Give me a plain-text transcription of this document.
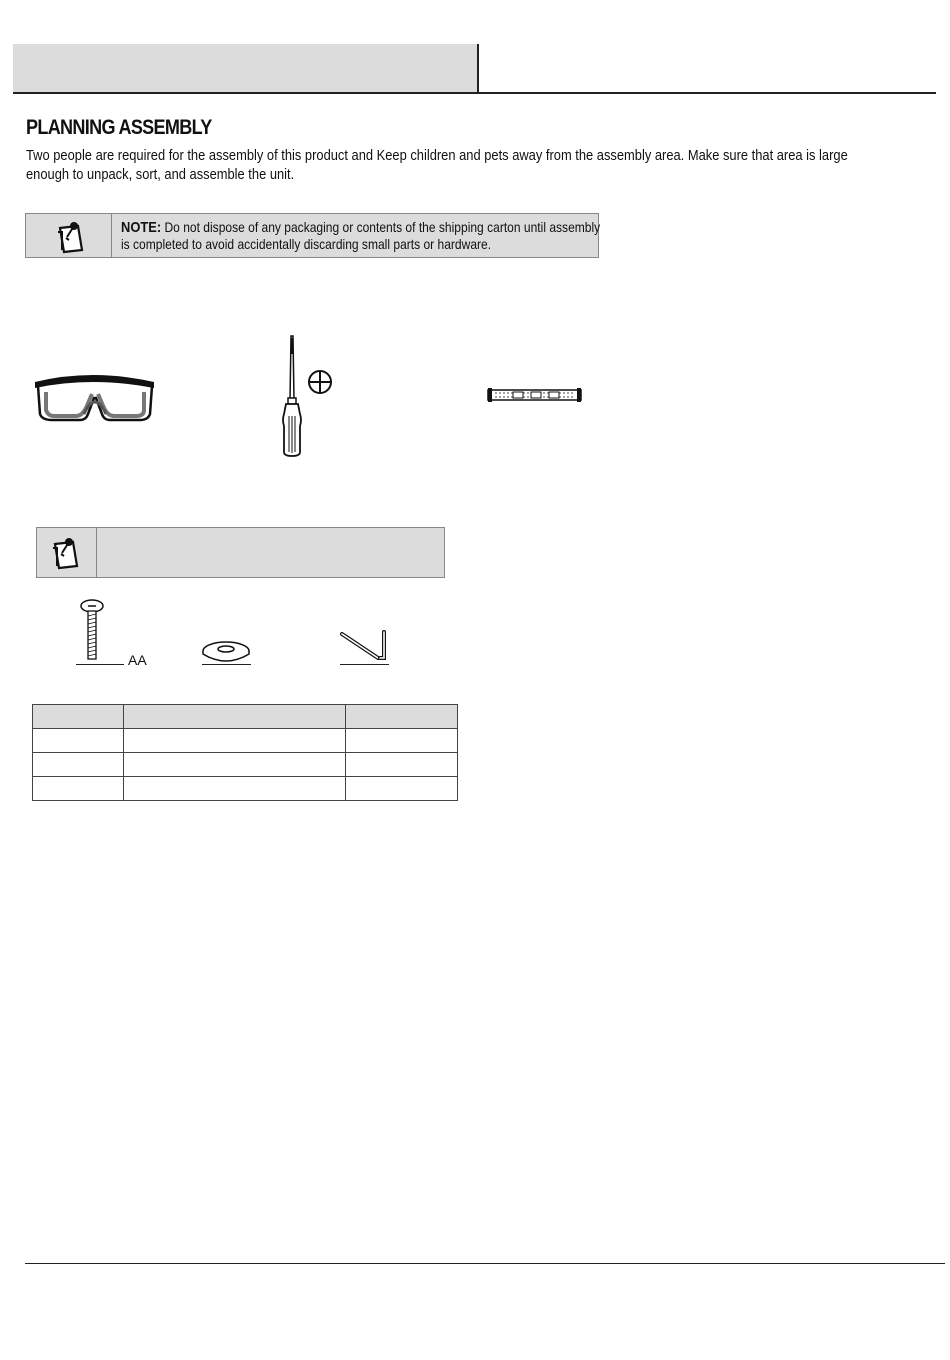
PLANNING ASSEMBLY

Two people are required for the assembly of this product and Keep children and pets away from the assembly area. Make sure that area is large enough to unpack, sort, and assemble the unit.

NOTE: Do not dispose of any packaging or contents of the shipping carton until assembly is completed to avoid accidentally discarding small parts or hardware.

AA
